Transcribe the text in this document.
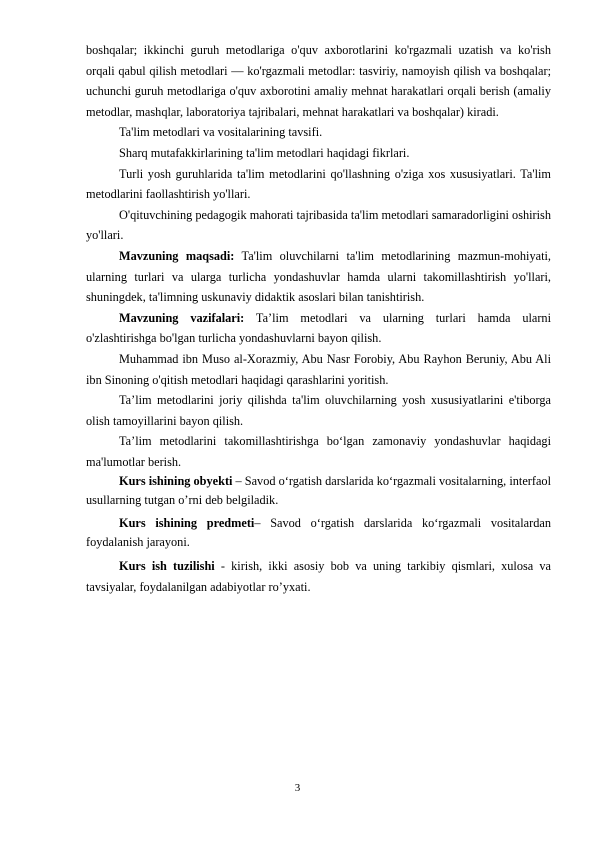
boshqalar; ikkinchi guruh metodlariga o'quv axborotlarini ko'rgazmali uzatish va ko'rish orqali qabul qilish metodlari — ko'rgazmali metodlar: tasviriy, namoyish qilish va boshqalar; uchunchi guruh metodlariga o'quv axborotini amaliy mehnat harakatlari orqali berish (amaliy metodlar, mashqlar, laboratoriya tajribalari, mehnat harakatlari va boshqalar) kiradi.

Ta'lim metodlari va vositalarining tavsifi.

Sharq mutafakkirlarining ta'lim metodlari haqidagi fikrlari.

Turli yosh guruhlarida ta'lim metodlarini qo'llashning o'ziga xos xususiyatlari. Ta'lim metodlarini faollashtirish yo'llari.

O'qituvchining pedagogik mahorati tajribasida ta'lim metodlari samaradorligini oshirish yo'llari.

Mavzuning maqsadi: Ta'lim oluvchilarni ta'lim metodlarining mazmun-mohiyati, ularning turlari va ularga turlicha yondashuvlar hamda ularni takomillashtirish yo'llari, shuningdek, ta'limning uskunaviy didaktik asoslari bilan tanishtirish.

Mavzuning vazifalari: Ta’lim metodlari va ularning turlari hamda ularni o'zlashtirishga bo'lgan turlicha yondashuvlarni bayon qilish.

Muhammad ibn Muso al-Xorazmiy, Abu Nasr Forobiy, Abu Rayhon Beruniy, Abu Ali ibn Sinoning o'qitish metodlari haqidagi qarashlarini yoritish.

Ta’lim metodlarini joriy qilishda ta'lim oluvchilarning yosh xususiyatlarini e'tiborga olish tamoyillarini bayon qilish.

Ta’lim metodlarini takomillashtirishga bo‘lgan zamonaviy yondashuvlar haqidagi ma'lumotlar berish.

Kurs ishining obyekti – Savod o‘rgatish darslarida ko‘rgazmali vositalarning, interfaol usullarning tutgan o’rni deb belgiladik.

Kurs ishining predmeti– Savod o‘rgatish darslarida ko‘rgazmali vositalardan foydalanish jarayoni.

Kurs ish tuzilishi - kirish, ikki asosiy bob va uning tarkibiy qismlari, xulosa va tavsiyalar, foydalanilgan adabiyotlar ro’yxati.

3
